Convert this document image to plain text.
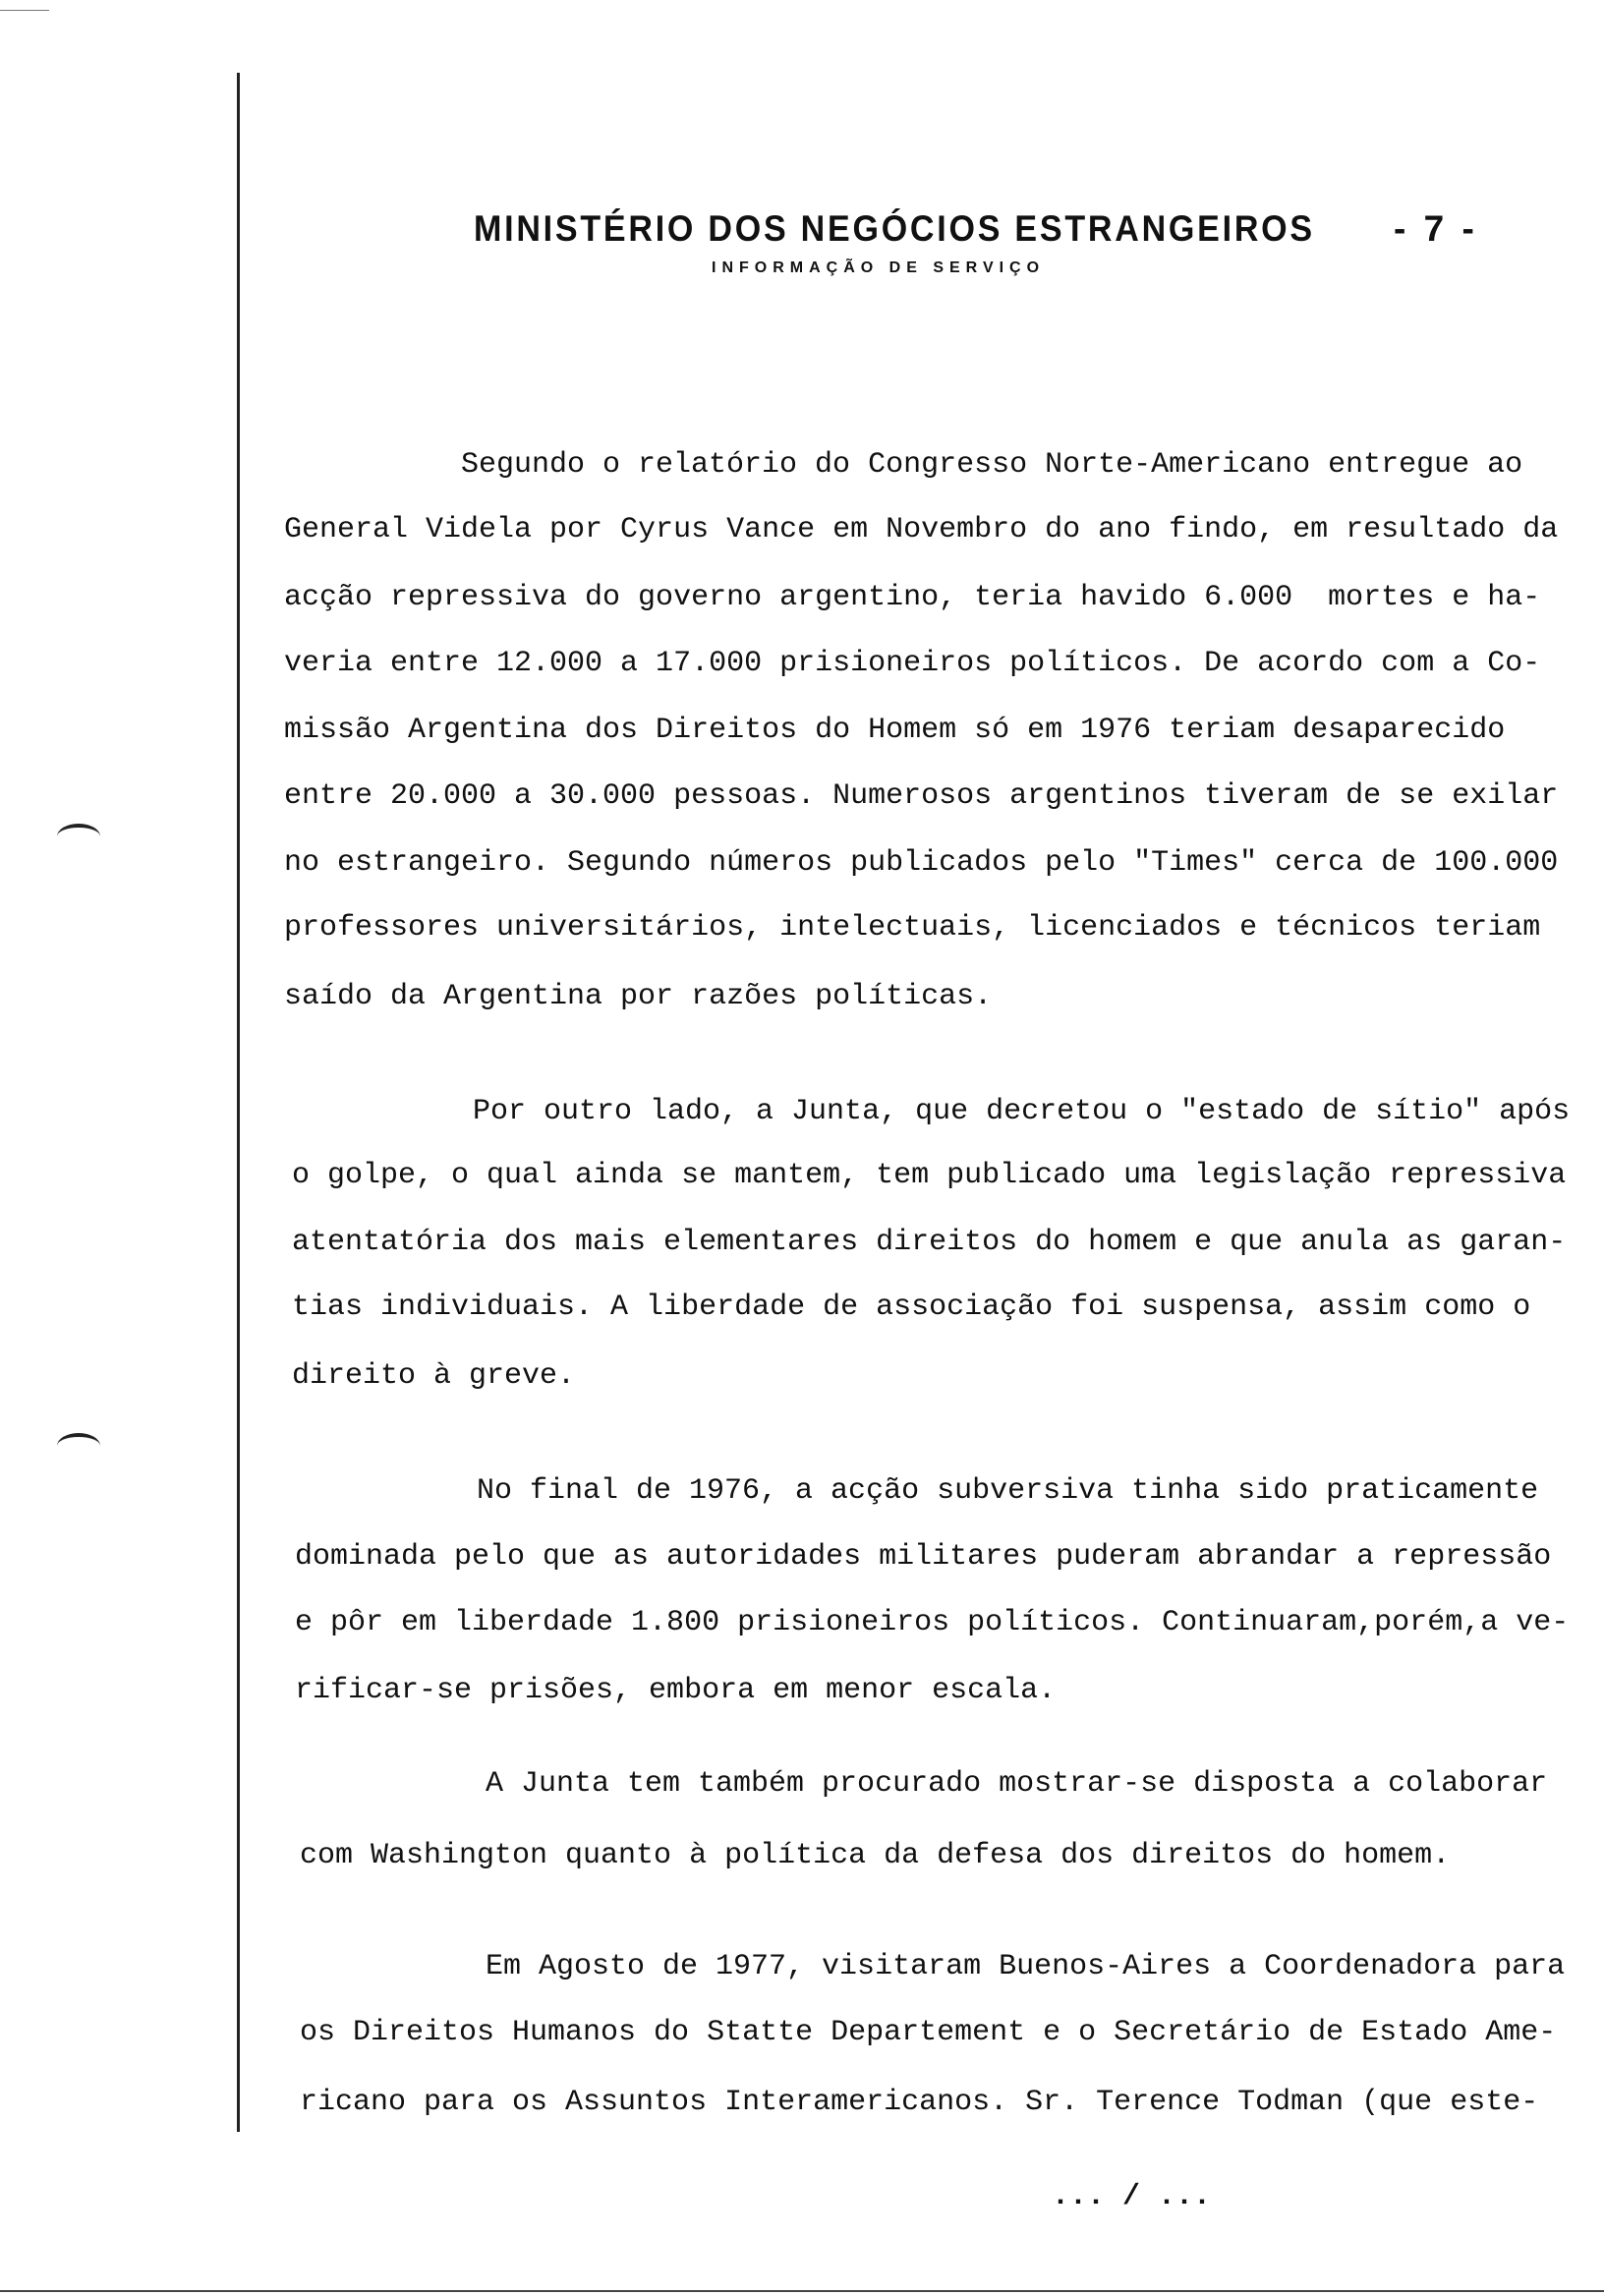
MINISTÉRIO DOS NEGÓCIOS ESTRANGEIROS - 7 -
INFORMAÇÃO DE SERVIÇO
Segundo o relatório do Congresso Norte-Americano entregue ao
General Videla por Cyrus Vance em Novembro do ano findo, em resultado da
acção repressiva do governo argentino, teria havido 6.000  mortes e ha-
veria entre 12.000 a 17.000 prisioneiros políticos. De acordo com a Co-
missão Argentina dos Direitos do Homem só em 1976 teriam desaparecido
entre 20.000 a 30.000 pessoas. Numerosos argentinos tiveram de se exilar
no estrangeiro. Segundo números publicados pelo "Times" cerca de 100.000
professores universitários, intelectuais, licenciados e técnicos teriam
saído da Argentina por razões políticas.
Por outro lado, a Junta, que decretou o "estado de sítio" após
o golpe, o qual ainda se mantem, tem publicado uma legislação repressiva
atentatória dos mais elementares direitos do homem e que anula as garan-
tias individuais. A liberdade de associação foi suspensa, assim como o
direito à greve.
No final de 1976, a acção subversiva tinha sido praticamente
dominada pelo que as autoridades militares puderam abrandar a repressão
e pôr em liberdade 1.800 prisioneiros políticos. Continuaram,porém,a ve-
rificar-se prisões, embora em menor escala.
A Junta tem também procurado mostrar-se disposta a colaborar
com Washington quanto à política da defesa dos direitos do homem.
Em Agosto de 1977, visitaram Buenos-Aires a Coordenadora para
os Direitos Humanos do Statte Departement e o Secretário de Estado Ame-
ricano para os Assuntos Interamericanos. Sr. Terence Todman (que este-
... / ...
